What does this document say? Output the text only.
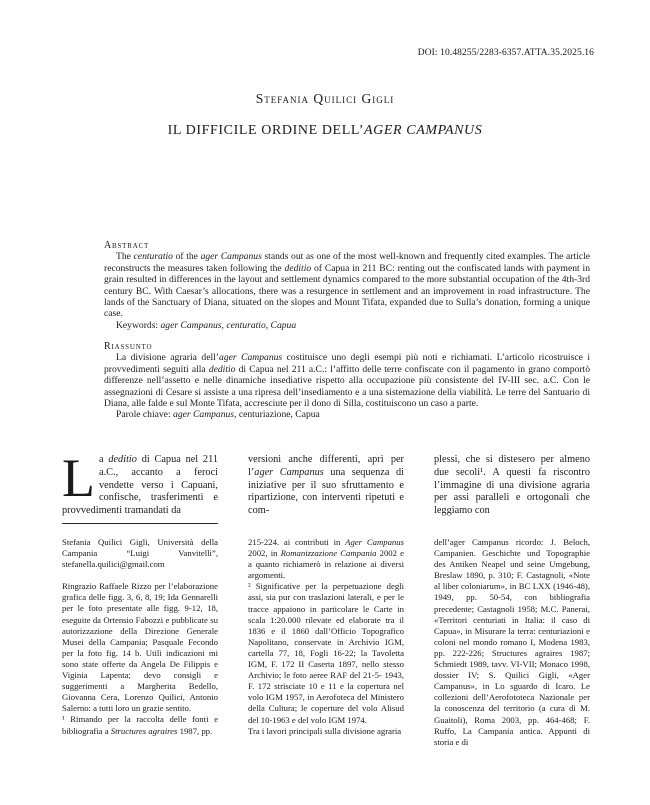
DOI: 10.48255/2283-6357.ATTA.35.2025.16
Stefania Quilici Gigli
IL DIFFICILE ORDINE DELL’AGER CAMPANUS
Abstract

The centuratio of the ager Campanus stands out as one of the most well-known and frequently cited examples. The article reconstructs the measures taken following the deditio of Capua in 211 BC: renting out the confiscated lands with payment in grain resulted in differences in the layout and settlement dynamics compared to the more substantial occupation of the 4th-3rd century BC. With Caesar’s allocations, there was a resurgence in settlement and an improvement in road infrastructure. The lands of the Sanctuary of Diana, situated on the slopes and Mount Tifata, expanded due to Sulla’s donation, forming a unique case.

Keywords: ager Campanus, centuratio, Capua

Riassunto

La divisione agraria dell’ager Campanus costituisce uno degli esempi più noti e richiamati. L’articolo ricostruisce i provvedimenti seguiti alla deditio di Capua nel 211 a.C.: l’affitto delle terre confiscate con il pagamento in grano comportò differenze nell’assetto e nelle dinamiche insediative rispetto alla occupazione più consistente del IV-III sec. a.C. Con le assegnazioni di Cesare si assiste a una ripresa dell’insediamento e a una sistemazione della viabilità. Le terre del Santuario di Diana, alle falde e sul Monte Tifata, accresciute per il dono di Silla, costituiscono un caso a parte.

Parole chiave: ager Campanus, centuriazione, Capua

La deditio di Capua nel 211 a.C., accanto a feroci vendette verso i Capuani, confische, trasferimenti e provvedimenti tramandati da

versioni anche differenti, aprì per l’ager Campanus una sequenza di iniziative per il suo sfruttamento e ripartizione, con interventi ripetuti e com-

plessi, che si distesero per almeno due secoli¹. A questi fa riscontro l’immagine di una divisione agraria per assi paralleli e ortogonali che leggiamo con

Stefania Quilici Gigli, Università della Campania “Luigi Vanvitelli”, stefanella.quilici@gmail.com

Ringrazio Raffaele Rizzo per l’elaborazione grafica delle figg. 3, 6, 8, 19; Ida Gennarelli per le foto presentate alle figg. 9-12, 18, eseguite da Ortensio Fabozzi e pubblicate su autorizzazione della Direzione Generale Musei della Campania; Pasquale Fecondo per la foto fig. 14 b. Utili indicazioni mi sono state offerte da Angela De Filippis e Viginia Lapenta; devo consigli e suggerimenti a Margherita Bedello, Giovanna Cera, Lorenzo Quilici, Antonio Salerno: a tutti loro un grazie sentito.

¹ Rimando per la raccolta delle fonti e bibliografia a Structures agraires 1987, pp.

215-224. ai contributi in Ager Campanus 2002, in Romanizzazione Campania 2002 e a quanto richiamerò in relazione ai diversi argomenti.

² Significative per la perpetuazione degli assi, sia pur con traslazioni laterali, e per le tracce appaiono in particolare le Carte in scala 1:20.000 rilevate ed elaborate tra il 1836 e il 1860 dall’Officio Topografico Napolitano, conservate in Archivio IGM, cartella 77, 18, Fogli 16-22; la Tavoletta IGM, F. 172 II Caserta 1897, nello stesso Archivio; le foto aeree RAF del 21-5- 1943, F. 172 strisciate 10 e 11 e la copertura nel volo IGM 1957, in Aerofoteca del Ministero della Cultura; le coperture del volo Alisud del 10-1963 e del volo IGM 1974.

Tra i lavori principali sulla divisione agraria

dell’ager Campanus ricordo: J. Beloch, Campanien. Geschichte und Topographie des Antiken Neapel und seine Umgebung, Breslaw 1890, p. 310; F. Castagnoli, «Note al liber coloniarum», in BC LXX (1946-48), 1949, pp. 50-54, con bibliografia precedente; Castagnoli 1958; M.C. Panerai, «Territori centuriati in Italia: il caso di Capua», in Misurare la terra: centuriazioni e coloni nel mondo romano I, Modena 1983, pp. 222-226; Structures agraires 1987; Schmiedt 1989, tavv. VI-VII; Monaco 1998, dossier IV; S. Quilici Gigli, «Ager Campanus», in Lo sguardo di Icaro. Le collezioni dell’Aerofototeca Nazionale per la conoscenza del territorio (a cura di M. Guaitoli), Roma 2003, pp. 464-468; F. Ruffo, La Campania antica. Appunti di storia e di
